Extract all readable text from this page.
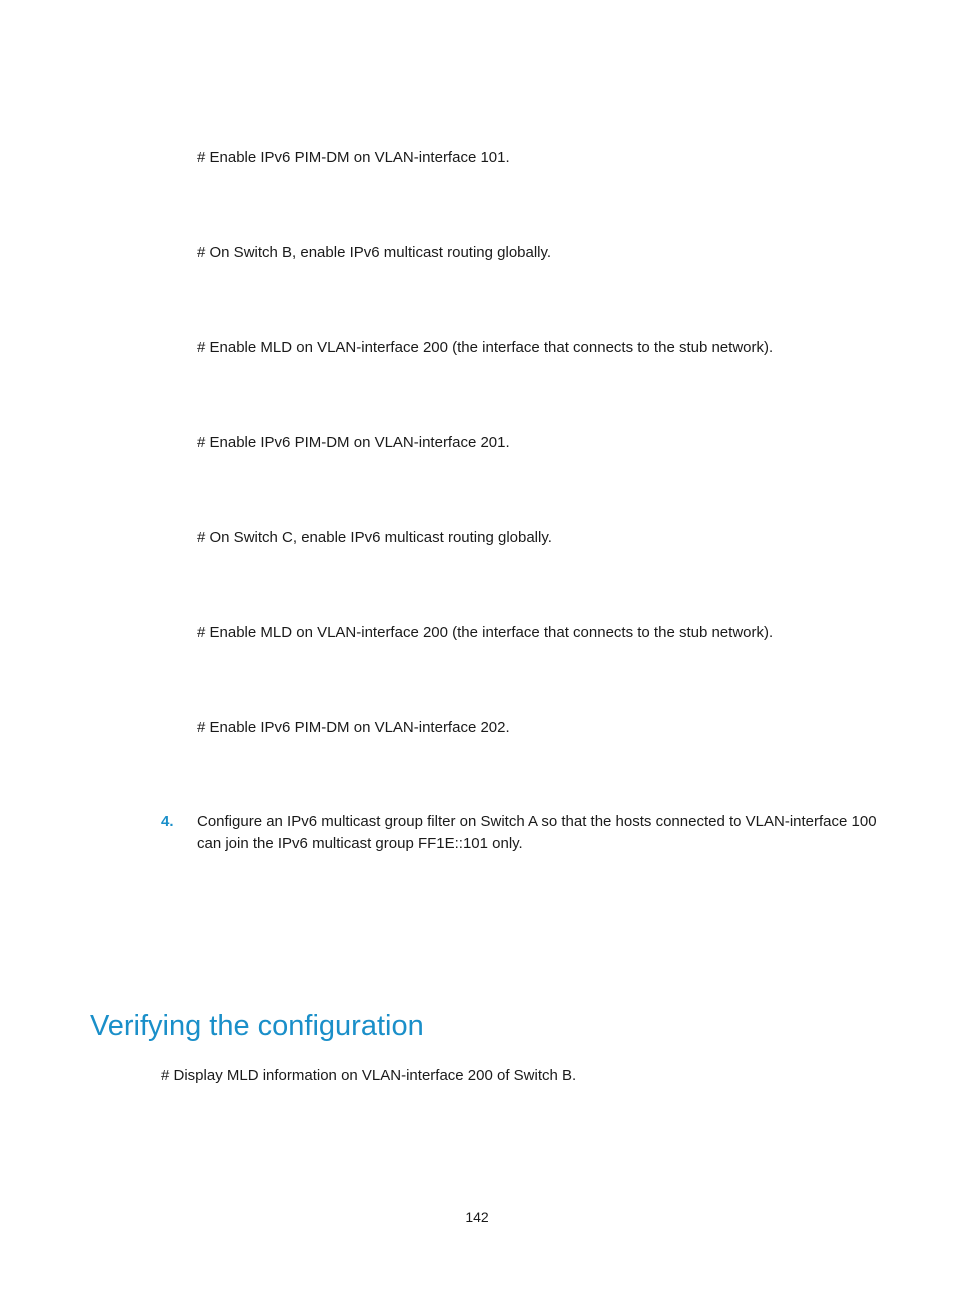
# Enable IPv6 PIM-DM on VLAN-interface 101.
# On Switch B, enable IPv6 multicast routing globally.
# Enable MLD on VLAN-interface 200 (the interface that connects to the stub network).
# Enable IPv6 PIM-DM on VLAN-interface 201.
# On Switch C, enable IPv6 multicast routing globally.
# Enable MLD on VLAN-interface 200 (the interface that connects to the stub network).
# Enable IPv6 PIM-DM on VLAN-interface 202.
4. Configure an IPv6 multicast group filter on Switch A so that the hosts connected to VLAN-interface 100 can join the IPv6 multicast group FF1E::101 only.
Verifying the configuration
# Display MLD information on VLAN-interface 200 of Switch B.
142
